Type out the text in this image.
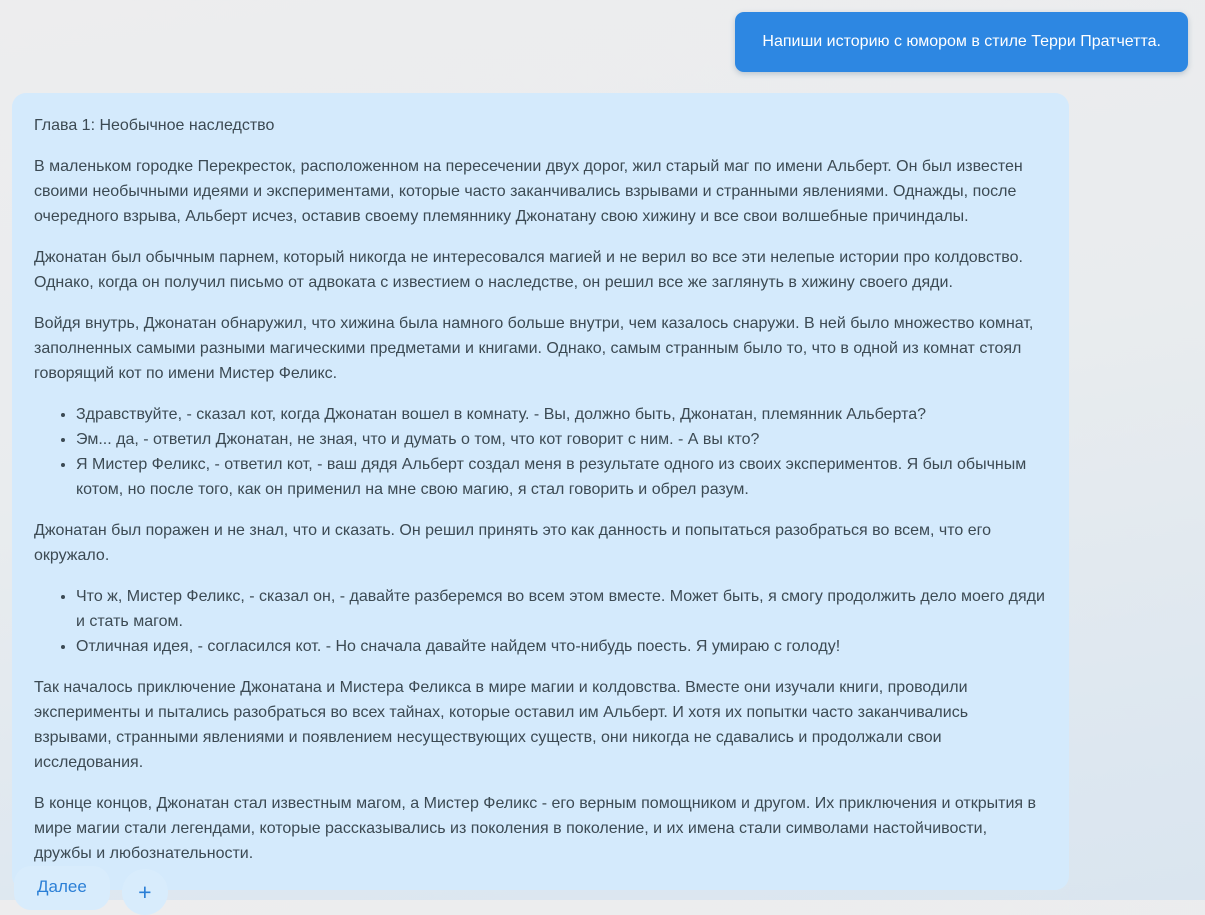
Напиши историю с юмором в стиле Терри Пратчетта.

Глава 1: Необычное наследство

В маленьком городке Перекресток, расположенном на пересечении двух дорог, жил старый маг по имени Альберт. Он был известен своими необычными идеями и экспериментами, которые часто заканчивались взрывами и странными явлениями. Однажды, после очередного взрыва, Альберт исчез, оставив своему племяннику Джонатану свою хижину и все свои волшебные причиндалы.

Джонатан был обычным парнем, который никогда не интересовался магией и не верил во все эти нелепые истории про колдовство. Однако, когда он получил письмо от адвоката с известием о наследстве, он решил все же заглянуть в хижину своего дяди.

Войдя внутрь, Джонатан обнаружил, что хижина была намного больше внутри, чем казалось снаружи. В ней было множество комнат, заполненных самыми разными магическими предметами и книгами. Однако, самым странным было то, что в одной из комнат стоял говорящий кот по имени Мистер Феликс.

• Здравствуйте, - сказал кот, когда Джонатан вошел в комнату. - Вы, должно быть, Джонатан, племянник Альберта?
• Эм... да, - ответил Джонатан, не зная, что и думать о том, что кот говорит с ним. - А вы кто?
• Я Мистер Феликс, - ответил кот, - ваш дядя Альберт создал меня в результате одного из своих экспериментов. Я был обычным котом, но после того, как он применил на мне свою магию, я стал говорить и обрел разум.

Джонатан был поражен и не знал, что и сказать. Он решил принять это как данность и попытаться разобраться во всем, что его окружало.

• Что ж, Мистер Феликс, - сказал он, - давайте разберемся во всем этом вместе. Может быть, я смогу продолжить дело моего дяди и стать магом.
• Отличная идея, - согласился кот. - Но сначала давайте найдем что-нибудь поесть. Я умираю с голоду!

Так началось приключение Джонатана и Мистера Феликса в мире магии и колдовства. Вместе они изучали книги, проводили эксперименты и пытались разобраться во всех тайнах, которые оставил им Альберт. И хотя их попытки часто заканчивались взрывами, странными явлениями и появлением несуществующих существ, они никогда не сдавались и продолжали свои исследования.

В конце концов, Джонатан стал известным магом, а Мистер Феликс - его верным помощником и другом. Их приключения и открытия в мире магии стали легендами, которые рассказывались из поколения в поколение, и их имена стали символами настойчивости, дружбы и любознательности.

Далее	+
